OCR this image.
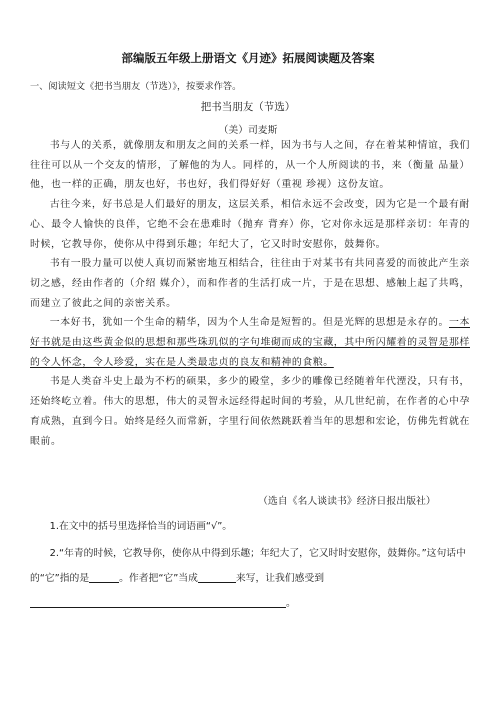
部编版五年级上册语文《月迹》拓展阅读题及答案
一、阅读短文《把书当朋友（节选）》，按要求作答。
把书当朋友（节选）
（美）司麦斯

书与人的关系，就像朋友和朋友之间的关系一样，因为书与人之间，存在着某种情谊，我们往往可以从一个交友的情形，了解他的为人。同样的，从一个人所阅读的书，来（衡量 品量）他，也一样的正确，朋友也好，书也好，我们得好好（重视 珍视）这份友谊。

古往今来，好书总是人们最好的朋友，这层关系，相信永远不会改变，因为它是一个最有耐心、最令人愉快的良伴，它绝不会在患难时（抛弃 背弃）你，它对你永远是那样亲切：年青的时候，它教导你，使你从中得到乐趣；年纪大了，它又时时安慰你，鼓舞你。

书有一股力量可以使人真切而紧密地互相结合，往往由于对某书有共同喜爱的而彼此产生亲切之感，经由作者的（介绍 媒介），而和作者的生活打成一片，于是在思想、感触上起了共鸣，而建立了彼此之间的亲密关系。

一本好书，犹如一个生命的精华，因为个人生命是短暂的。但是光辉的思想是永存的。一本好书就是由这些黄金似的思想和那些珠玑似的字句堆砌而成的宝藏，其中所闪耀着的灵智是那样的令人怀念，令人珍爱，实在是人类最忠贞的良友和精神的食粮。

书是人类奋斗史上最为不朽的硕果，多少的殿堂，多少的雕像已经随着年代湮没，只有书，还始终屹立着。伟大的思想，伟大的灵智永远经得起时间的考验，从几世纪前，在作者的心中孕育成熟，直到今日。始终是经久而常新，字里行间依然跳跃着当年的思想和宏论，仿佛先哲就在眼前。

（选自《名人谈读书》经济日报出版社）

1.在文中的括号里选择恰当的词语画“√”。

2.“年青的时候，它教导你，使你从中得到乐趣；年纪大了，它又时时安慰你，鼓舞你。”这句话中的“它”指的是	。作者把“它”当成	来写，让我们感受到。
